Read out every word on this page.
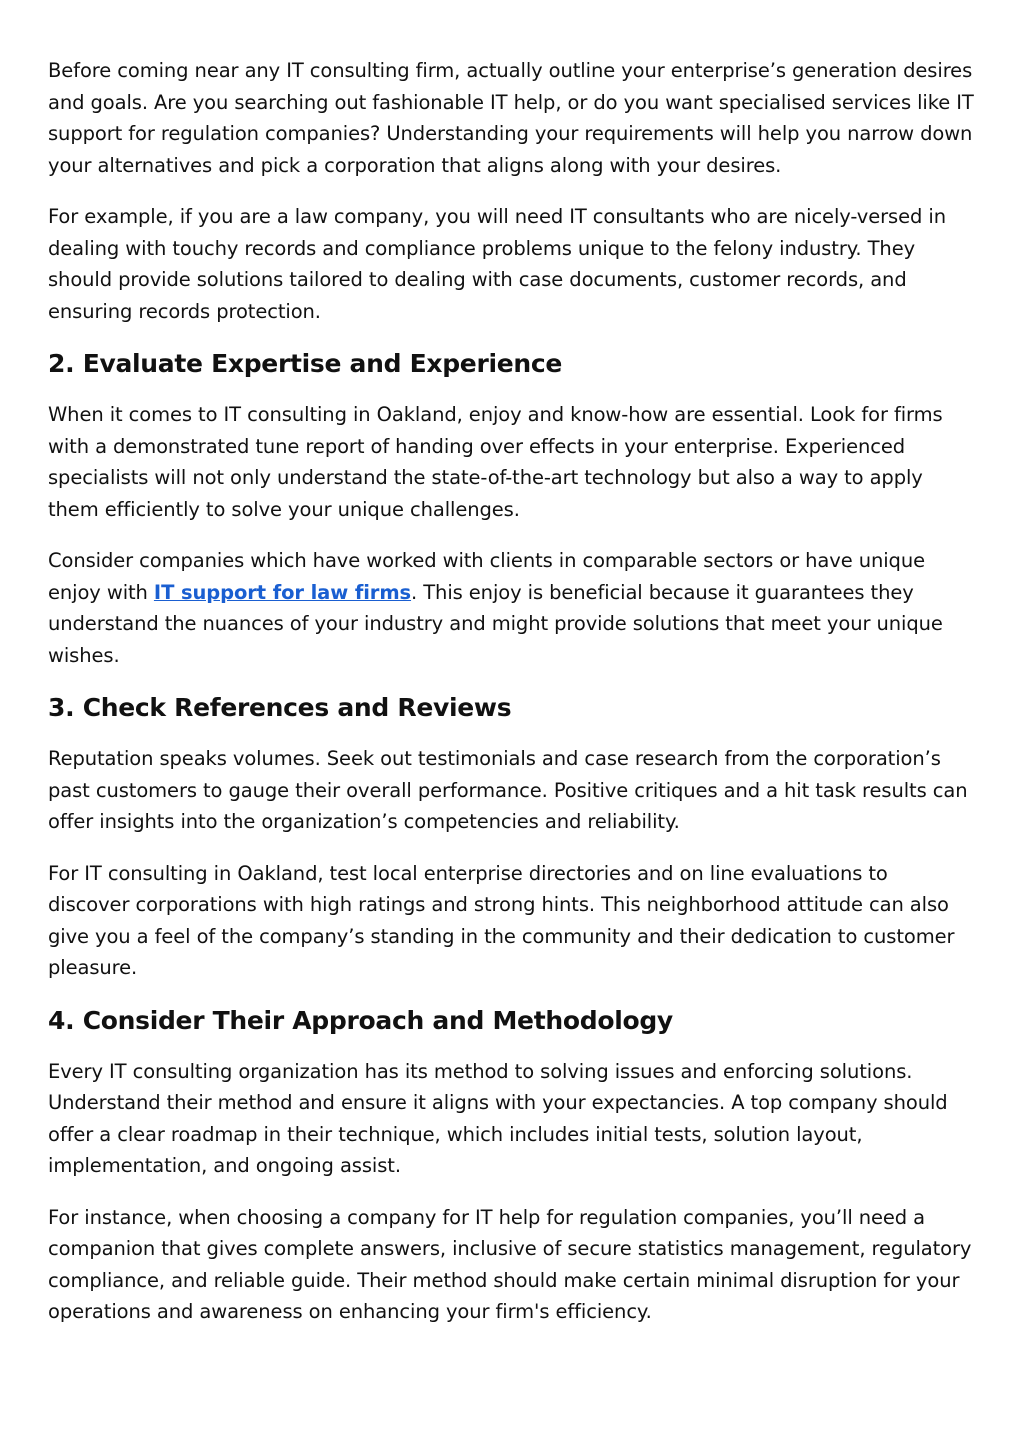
Before coming near any IT consulting firm, actually outline your enterprise’s generation desires and goals. Are you searching out fashionable IT help, or do you want specialised services like IT support for regulation companies? Understanding your requirements will help you narrow down your alternatives and pick a corporation that aligns along with your desires.

For example, if you are a law company, you will need IT consultants who are nicely-versed in dealing with touchy records and compliance problems unique to the felony industry. They should provide solutions tailored to dealing with case documents, customer records, and ensuring records protection.

2. Evaluate Expertise and Experience

When it comes to IT consulting in Oakland, enjoy and know-how are essential. Look for firms with a demonstrated tune report of handing over effects in your enterprise. Experienced specialists will not only understand the state-of-the-art technology but also a way to apply them efficiently to solve your unique challenges.

Consider companies which have worked with clients in comparable sectors or have unique enjoy with IT support for law firms. This enjoy is beneficial because it guarantees they understand the nuances of your industry and might provide solutions that meet your unique wishes.

3. Check References and Reviews

Reputation speaks volumes. Seek out testimonials and case research from the corporation’s past customers to gauge their overall performance. Positive critiques and a hit task results can offer insights into the organization’s competencies and reliability.

For IT consulting in Oakland, test local enterprise directories and on line evaluations to discover corporations with high ratings and strong hints. This neighborhood attitude can also give you a feel of the company’s standing in the community and their dedication to customer pleasure.

4. Consider Their Approach and Methodology

Every IT consulting organization has its method to solving issues and enforcing solutions. Understand their method and ensure it aligns with your expectancies. A top company should offer a clear roadmap in their technique, which includes initial tests, solution layout, implementation, and ongoing assist.

For instance, when choosing a company for IT help for regulation companies, you’ll need a companion that gives complete answers, inclusive of secure statistics management, regulatory compliance, and reliable guide. Their method should make certain minimal disruption for your operations and awareness on enhancing your firm's efficiency.
